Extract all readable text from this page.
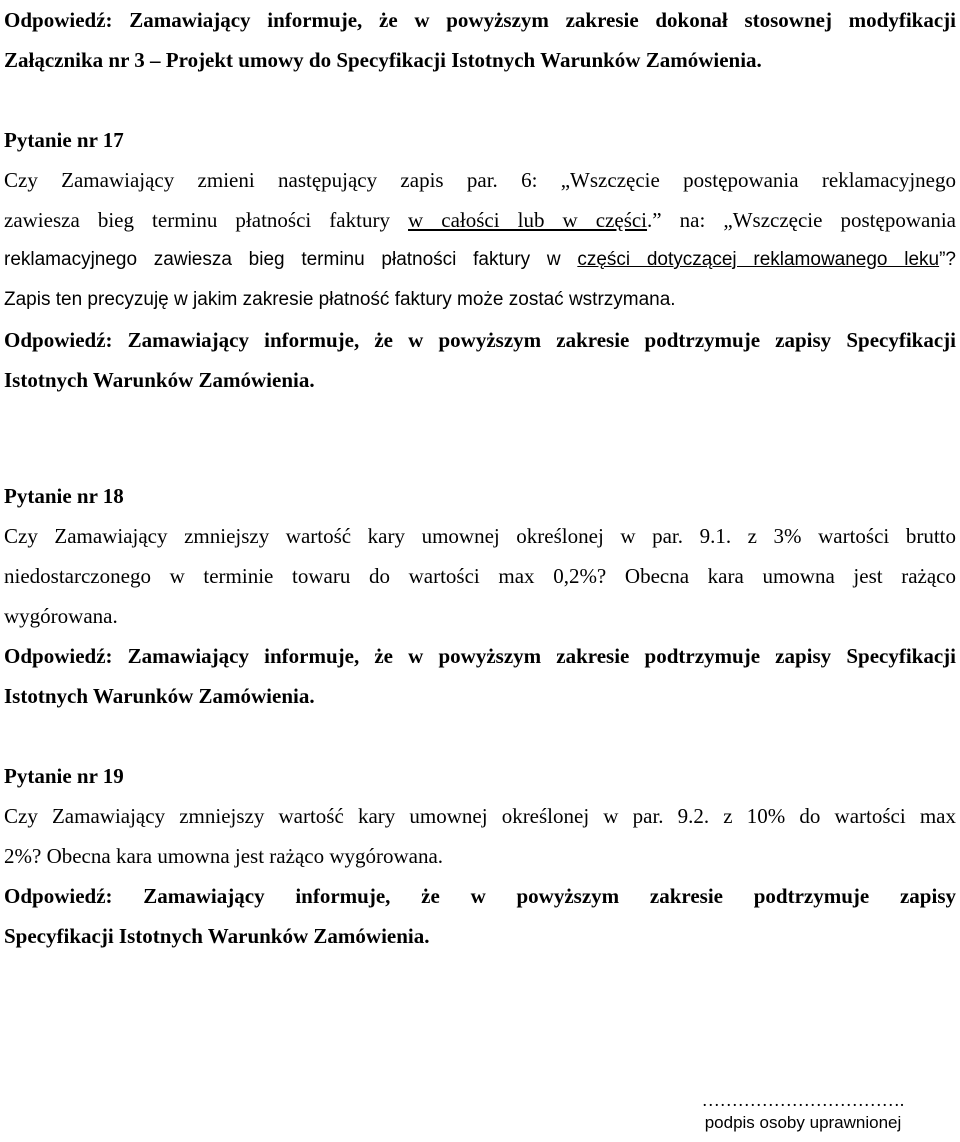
Odpowiedź: Zamawiający informuje, że w powyższym zakresie dokonał stosownej modyfikacji
Załącznika nr 3 – Projekt umowy do Specyfikacji Istotnych Warunków Zamówienia.
Pytanie nr 17
Czy Zamawiający zmieni następujący zapis par. 6: „Wszczęcie postępowania reklamacyjnego
zawiesza bieg terminu płatności faktury w całości lub w części.” na: „Wszczęcie postępowania
reklamacyjnego zawiesza bieg terminu płatności faktury w części dotyczącej reklamowanego leku”?
Zapis ten precyzuję w jakim zakresie płatność faktury może zostać wstrzymana.
Odpowiedź: Zamawiający informuje, że w powyższym zakresie podtrzymuje zapisy Specyfikacji
Istotnych Warunków Zamówienia.
Pytanie nr 18
Czy Zamawiający zmniejszy wartość kary umownej określonej w par. 9.1. z 3% wartości brutto
niedostarczonego w terminie towaru do wartości max 0,2%? Obecna kara umowna jest rażąco
wygórowana.
Odpowiedź: Zamawiający informuje, że w powyższym zakresie podtrzymuje zapisy Specyfikacji
Istotnych Warunków Zamówienia.
Pytanie nr 19
Czy Zamawiający zmniejszy wartość kary umownej określonej w par. 9.2. z 10% do wartości max
2%? Obecna kara umowna jest rażąco wygórowana.
Odpowiedź: Zamawiający informuje, że w powyższym zakresie podtrzymuje zapisy
Specyfikacji Istotnych Warunków Zamówienia.
…………………………….
podpis osoby uprawnionej
